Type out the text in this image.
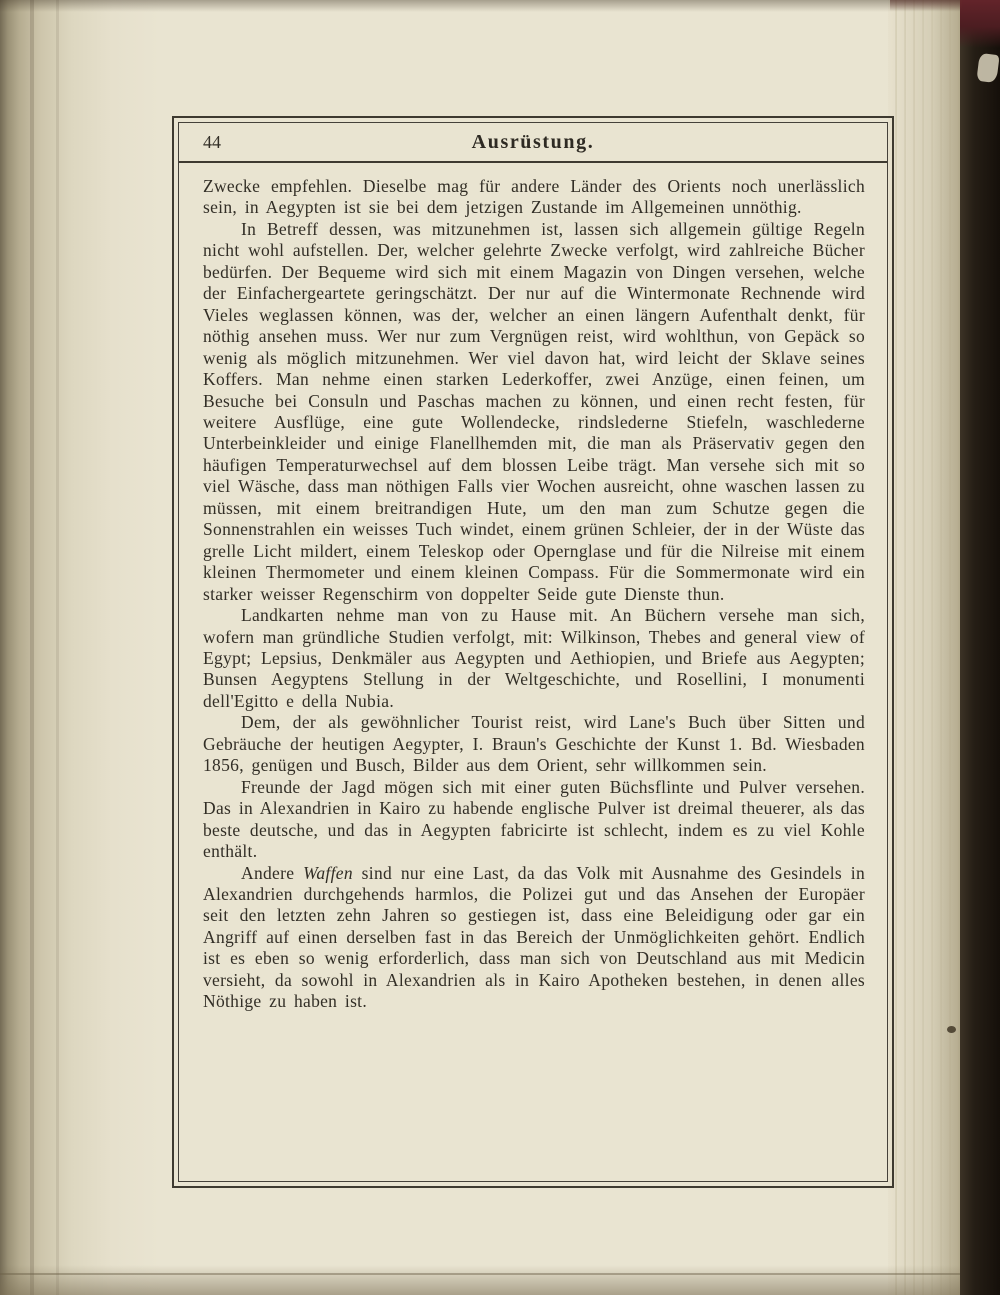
44	Ausrüstung.

Zwecke empfehlen. Dieselbe mag für andere Länder des Orients noch unerlässlich sein, in Aegypten ist sie bei dem jetzigen Zustande im Allgemeinen unnöthig.

In Betreff dessen, was mitzunehmen ist, lassen sich allgemein gültige Regeln nicht wohl aufstellen. Der, welcher gelehrte Zwecke verfolgt, wird zahlreiche Bücher bedürfen. Der Bequeme wird sich mit einem Magazin von Dingen versehen, welche der Einfachergeartete geringschätzt. Der nur auf die Wintermonate Rechnende wird Vieles weglassen können, was der, welcher an einen längern Aufenthalt denkt, für nöthig ansehen muss. Wer nur zum Vergnügen reist, wird wohlthun, von Gepäck so wenig als möglich mitzunehmen. Wer viel davon hat, wird leicht der Sklave seines Koffers. Man nehme einen starken Lederkoffer, zwei Anzüge, einen feinen, um Besuche bei Consuln und Paschas machen zu können, und einen recht festen, für weitere Ausflüge, eine gute Wollendecke, rindslederne Stiefeln, waschlederne Unterbeinkleider und einige Flanellhemden mit, die man als Präservativ gegen den häufigen Temperaturwechsel auf dem blossen Leibe trägt. Man versehe sich mit so viel Wäsche, dass man nöthigen Falls vier Wochen ausreicht, ohne waschen lassen zu müssen, mit einem breitrandigen Hute, um den man zum Schutze gegen die Sonnenstrahlen ein weisses Tuch windet, einem grünen Schleier, der in der Wüste das grelle Licht mildert, einem Teleskop oder Opernglase und für die Nilreise mit einem kleinen Thermometer und einem kleinen Compass. Für die Sommermonate wird ein starker weisser Regenschirm von doppelter Seide gute Dienste thun.

Landkarten nehme man von zu Hause mit. An Büchern versehe man sich, wofern man gründliche Studien verfolgt, mit: Wilkinson, Thebes and general view of Egypt; Lepsius, Denkmäler aus Aegypten und Aethiopien, und Briefe aus Aegypten; Bunsen Aegyptens Stellung in der Weltgeschichte, und Rosellini, I monumenti dell'Egitto e della Nubia.

Dem, der als gewöhnlicher Tourist reist, wird Lane's Buch über Sitten und Gebräuche der heutigen Aegypter, I. Braun's Geschichte der Kunst 1. Bd. Wiesbaden 1856, genügen und Busch, Bilder aus dem Orient, sehr willkommen sein.

Freunde der Jagd mögen sich mit einer guten Büchsflinte und Pulver versehen. Das in Alexandrien in Kairo zu habende englische Pulver ist dreimal theuerer, als das beste deutsche, und das in Aegypten fabricirte ist schlecht, indem es zu viel Kohle enthält.

Andere Waffen sind nur eine Last, da das Volk mit Ausnahme des Gesindels in Alexandrien durchgehends harmlos, die Polizei gut und das Ansehen der Europäer seit den letzten zehn Jahren so gestiegen ist, dass eine Beleidigung oder gar ein Angriff auf einen derselben fast in das Bereich der Unmöglichkeiten gehört. Endlich ist es eben so wenig erforderlich, dass man sich von Deutschland aus mit Medicin versieht, da sowohl in Alexandrien als in Kairo Apotheken bestehen, in denen alles Nöthige zu haben ist.
